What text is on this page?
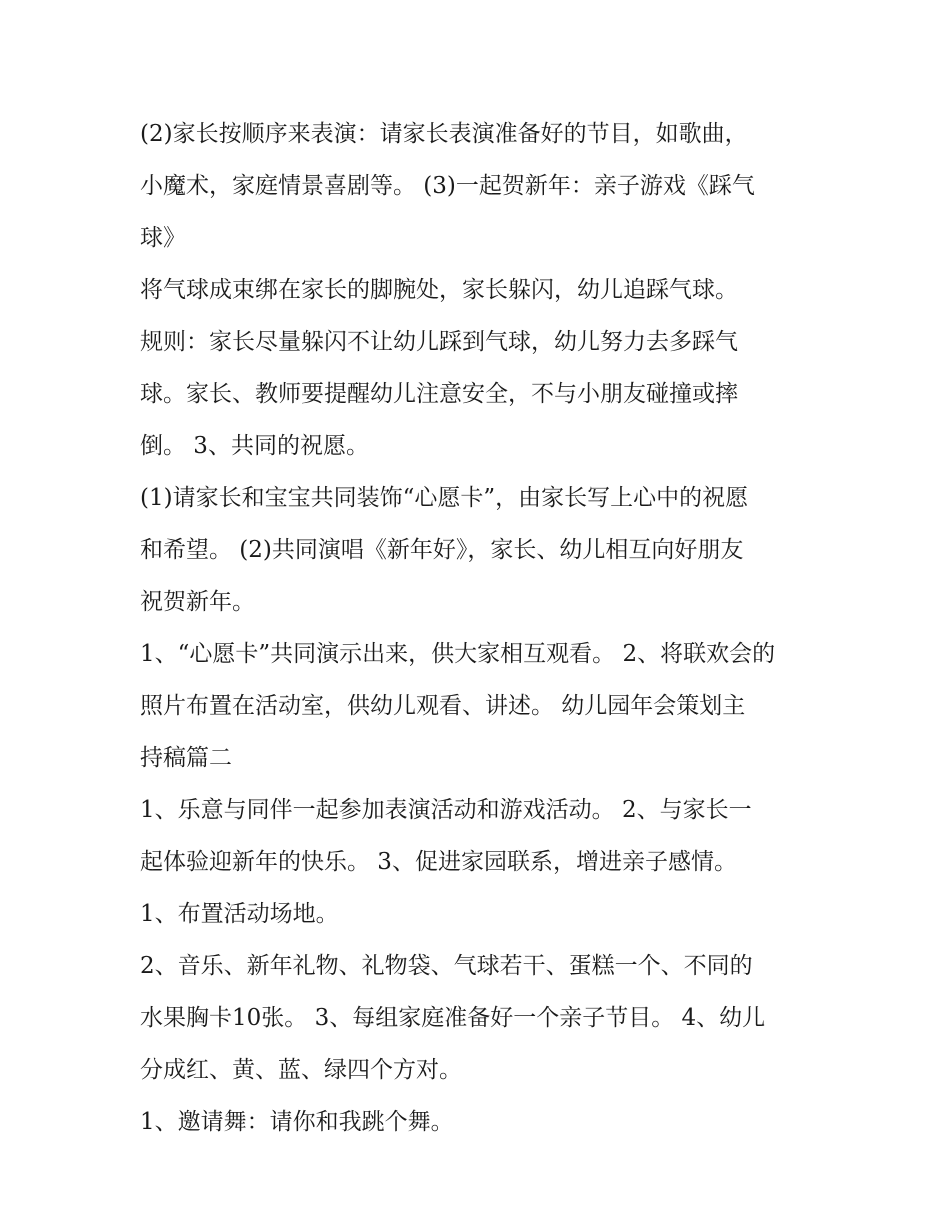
(2)家长按顺序来表演：请家长表演准备好的节目，如歌曲，
小魔术，家庭情景喜剧等。 (3)一起贺新年：亲子游戏《踩气
球》

将气球成束绑在家长的脚腕处，家长躲闪，幼儿追踩气球。

规则：家长尽量躲闪不让幼儿踩到气球，幼儿努力去多踩气
球。家长、教师要提醒幼儿注意安全，不与小朋友碰撞或摔
倒。 3、共同的祝愿。

(1)请家长和宝宝共同装饰“心愿卡”，由家长写上心中的祝愿
和希望。 (2)共同演唱《新年好》，家长、幼儿相互向好朋友
祝贺新年。

1、“心愿卡”共同演示出来，供大家相互观看。 2、将联欢会的
照片布置在活动室，供幼儿观看、讲述。 幼儿园年会策划主
持稿篇二

1、乐意与同伴一起参加表演活动和游戏活动。 2、与家长一
起体验迎新年的快乐。 3、促进家园联系，增进亲子感情。

1、布置活动场地。

2、音乐、新年礼物、礼物袋、气球若干、蛋糕一个、不同的
水果胸卡10张。 3、每组家庭准备好一个亲子节目。 4、幼儿
分成红、黄、蓝、绿四个方对。

1、邀请舞：请你和我跳个舞。
